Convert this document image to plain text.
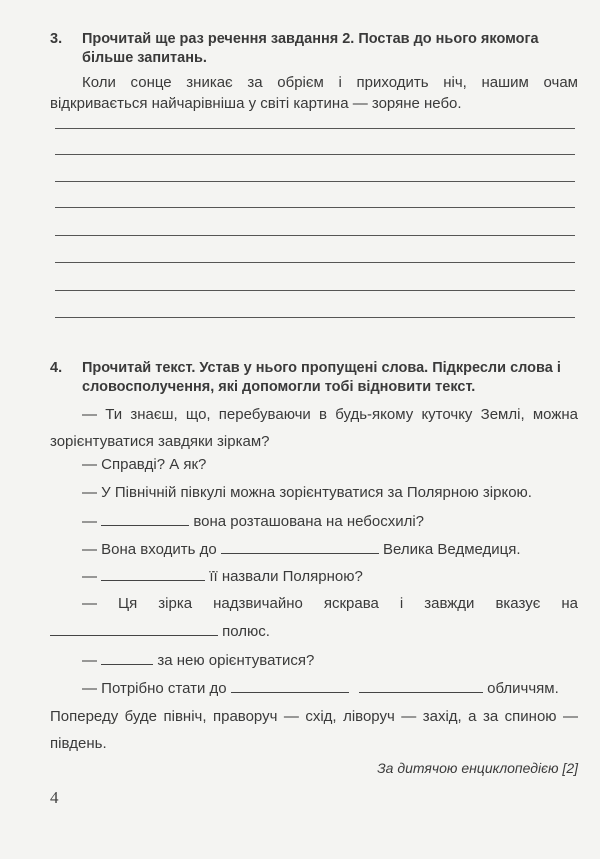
3. Прочитай ще раз речення завдання 2. Постав до нього якомога більше запитань.
Коли сонце зникає за обрієм і приходить ніч, нашим очам відкривається найчарівніша у світі картина — зоряне небо.
4. Прочитай текст. Устав у нього пропущені слова. Підкресли слова і словосполучення, які допомогли тобі відновити текст.
— Ти знаєш, що, перебуваючи в будь-якому куточку Землі, можна зорієнтуватися завдяки зіркам?
— Справді? А як?
— У Північній півкулі можна зорієнтуватися за Полярною зіркою.
—	вона розташована на небосхилі?
— Вона входить до	Велика Ведмедиця.
—	її назвали Полярною?
— Ця зірка надзвичайно яскрава і завжди вказує на
полюс.
—	за нею орієнтуватися?
— Потрібно стати до	обличчям.
Попереду буде північ, праворуч — схід, ліворуч — захід, а за спиною — південь.
За дитячою енциклопедією [2]
4
